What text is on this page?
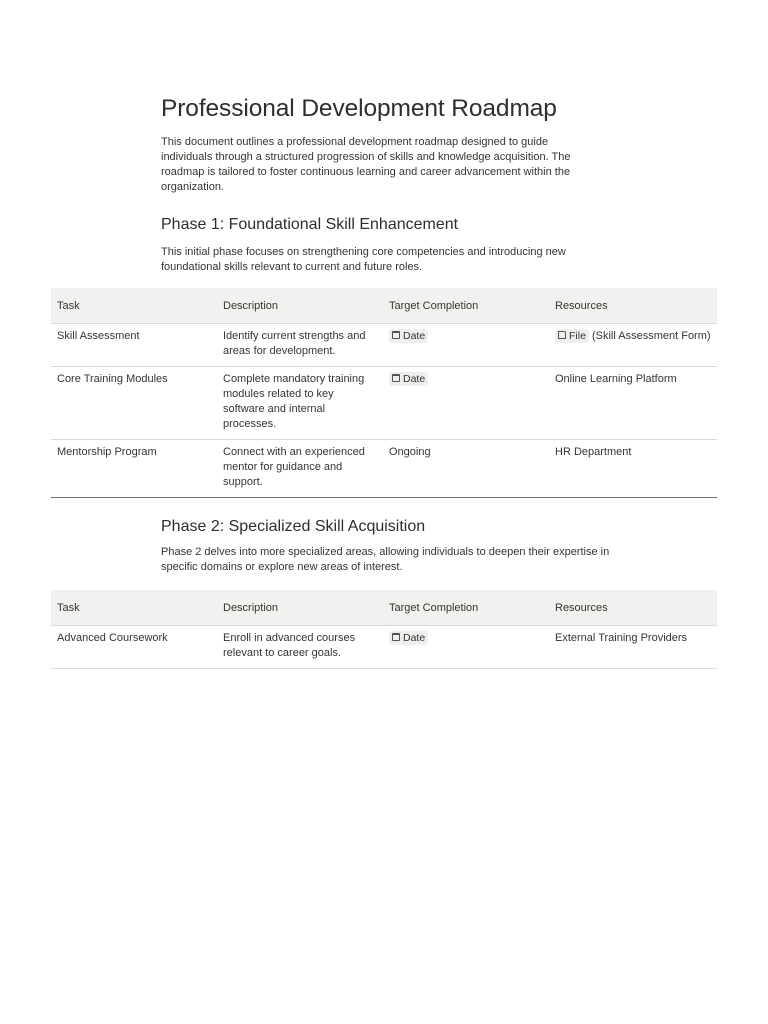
Professional Development Roadmap

This document outlines a professional development roadmap designed to guide individuals through a structured progression of skills and knowledge acquisition. The roadmap is tailored to foster continuous learning and career advancement within the organization.

Phase 1: Foundational Skill Enhancement

This initial phase focuses on strengthening core competencies and introducing new foundational skills relevant to current and future roles.

Task	Description	Target Completion	Resources
Skill Assessment	Identify current strengths and areas for development.	Date	File (Skill Assessment Form)
Core Training Modules	Complete mandatory training modules related to key software and internal processes.	Date	Online Learning Platform
Mentorship Program	Connect with an experienced mentor for guidance and support.	Ongoing	HR Department
Phase 2: Specialized Skill Acquisition

Phase 2 delves into more specialized areas, allowing individuals to deepen their expertise in specific domains or explore new areas of interest.

Task	Description	Target Completion	Resources
Advanced Coursework	Enroll in advanced courses relevant to career goals.	Date	External Training Providers
